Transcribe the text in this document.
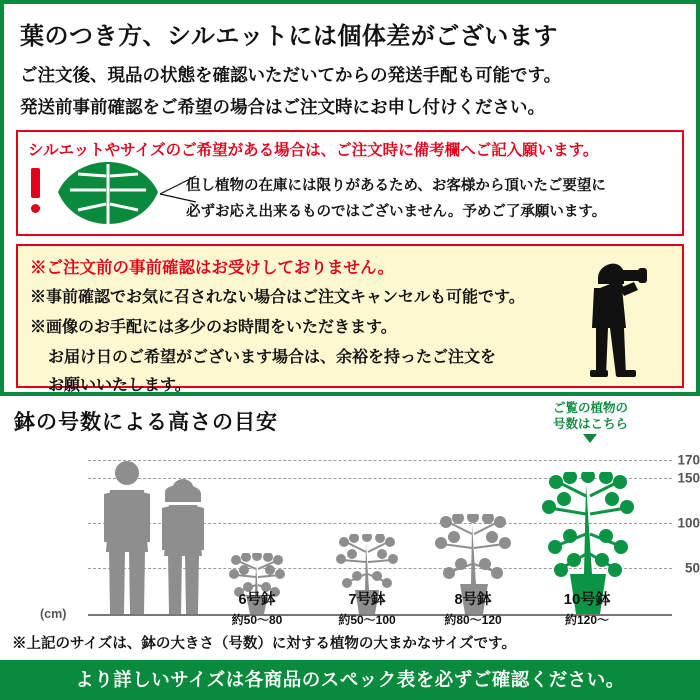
葉のつき方、シルエットには個体差がございます
ご注文後、現品の状態を確認いただいてからの発送手配も可能です。
発送前事前確認をご希望の場合はご注文時にお申し付けください。
シルエットやサイズのご希望がある場合は、ご注文時に備考欄へご記入願います。
但し植物の在庫には限りがあるため、お客様から頂いたご要望に
必ずお応え出来るものではございません。予めご了承願います。
※ご注文前の事前確認はお受けしておりません。
※事前確認でお気に召されない場合はご注文キャンセルも可能です。
※画像のお手配には多少のお時間をいただきます。
お届け日のご希望がございます場合は、余裕を持ったご注文を
お願いいたします。
鉢の号数による高さの目安
ご覧の植物の
号数はこちら
170
150
100
50
(cm)
6号鉢
約50〜80
7号鉢
約50〜100
8号鉢
約80〜120
10号鉢
約120〜
※上記のサイズは、鉢の大きさ（号数）に対する植物の大まかなサイズです。
より詳しいサイズは各商品のスペック表を必ずご確認ください。
